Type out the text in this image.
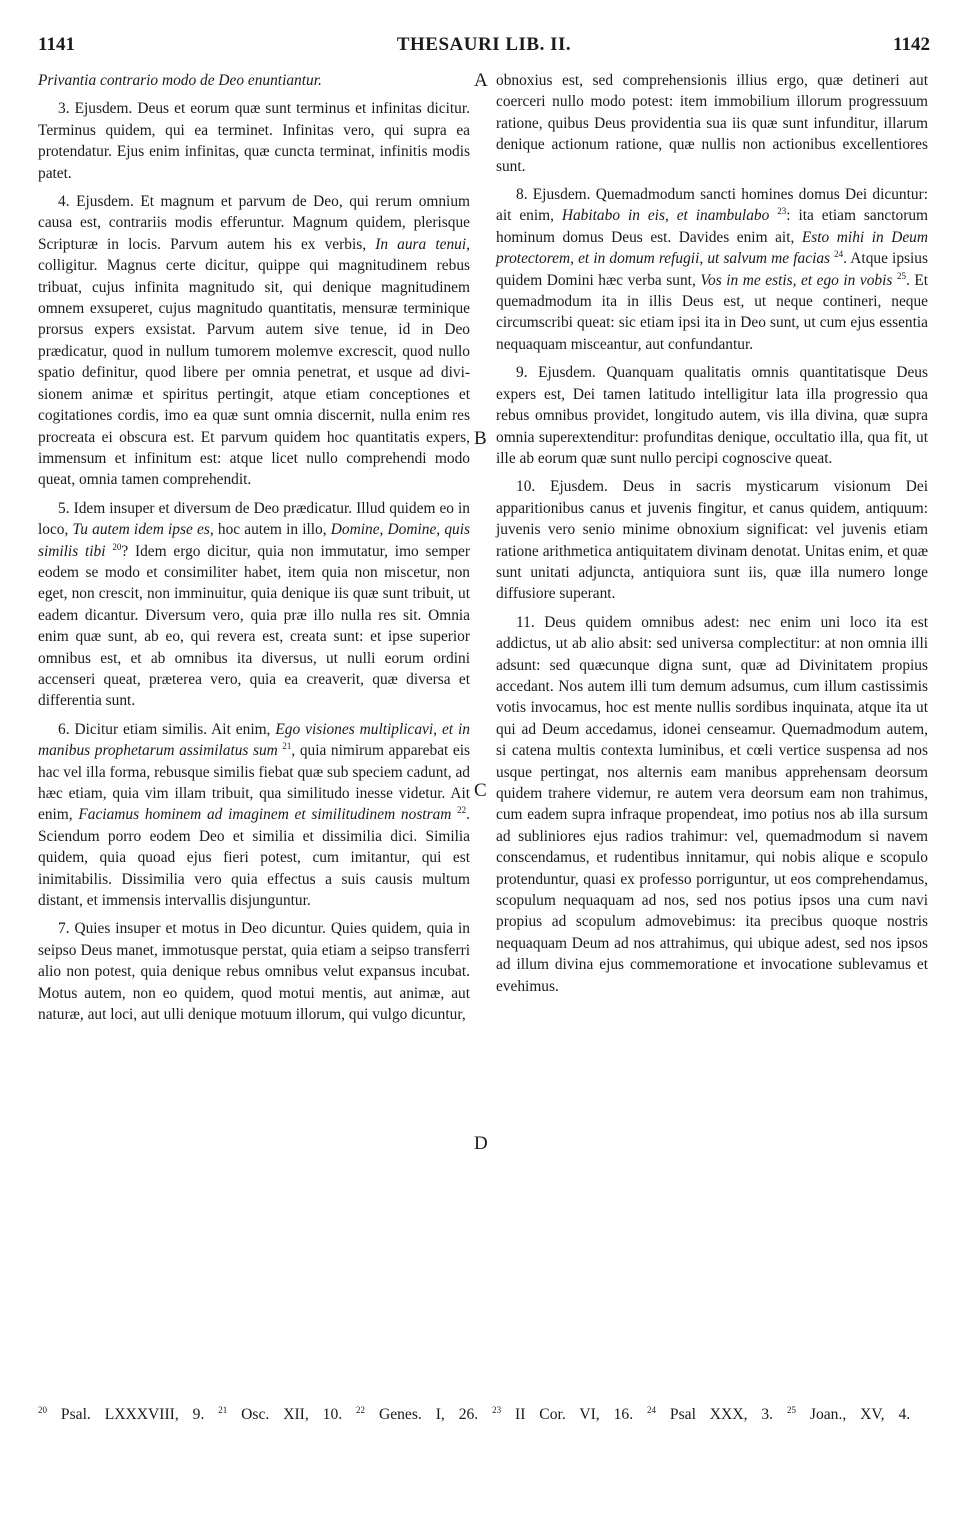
1141	THESAURI LIB. II.	1142

Privantia contrario modo de Deo enuntiantur.

3. Ejusdem. Deus et eorum quæ sunt terminus et infinitas dicitur. Terminus quidem, qui ea terminet. Infinitas vero, qui supra ea protendatur. Ejus enim infinitas, quæ cuncta terminat, infinitis modis patet.

4. Ejusdem. Et magnum et parvum de Deo, qui rerum omnium causa est, contrariis modis efferuntur. Magnum quidem, plerisque Scripturæ in locis. Parvum autem his ex verbis, In aura tenui, colligitur. Magnus certe dicitur, quippe qui magnitudinem rebus tribuat, cujus infinita magnitudo sit, qui denique magnitudinem omnem exsuperet, cujus magnitudo quantitatis, mensuræ terminique prorsus expers exsistat. Parvum autem sive tenue, id in Deo prædicatur, quod in nullum tumorem molemve excrescit, quod nullo spatio definitur, quod libere per omnia penetrat, et usque ad divisionem animæ et spiritus pertingit, atque etiam conceptiones et cogitationes cordis, imo ea quæ sunt omnia discernit, nulla enim res procreata ei obscura est. Et parvum quidem hoc quantitatis expers, immensum et infinitum est: atque licet nullo comprehendi modo queat, omnia tamen comprehendit.

5. Idem insuper et diversum de Deo prædicatur. Illud quidem eo in loco, Tu autem idem ipse es, hoc autem in illo, Domine, Domine, quis similis tibi $^{20}$? Idem ergo dicitur, quia non immutatur, imo semper eodem se modo et consimiliter habet, item quia non miscetur, non eget, non crescit, non imminuitur, quia denique iis quæ sunt tribuit, ut eadem dicantur. Diversum vero, quia præ illo nulla res sit. Omnia enim quæ sunt, ab eo, qui revera est, creata sunt: et ipse superior omnibus est, et ab omnibus ita diversus, ut nulli eorum ordini accenseri queat, præterea vero, quia ea creaverit, quæ diversa et differentia sunt.

6. Dicitur etiam similis. Ait enim, Ego visiones multiplicavi, et in manibus prophetarum assimilatus sum $^{21}$, quia nimirum apparebat eis hac vel illa forma, rebusque similis fiebat quæ sub speciem cadunt, ad hæc etiam, quia vim illam tribuit, qua similitudo inesse videtur. Ait enim, Faciamus hominem ad imaginem et similitudinem nostram $^{22}$. Sciendum porro eodem Deo et similia et dissimilia dici. Similia quidem, quia quoad ejus fieri potest, cum imitantur, qui est inimitabilis. Dissimilia vero quia effectus a suis causis multum distant, et immensis intervallis disjunguntur.

7. Quies insuper et motus in Deo dicuntur. Quies quidem, quia in seipso Deus manet, immotusque perstat, quia etiam a seipso transferri alio non potest, quia denique rebus omnibus velut expansus incubat. Motus autem, non eo quidem, quod motui mentis, aut animæ, aut naturæ, aut loci, aut ulli denique motuum illorum, qui vulgo dicuntur,

obnoxius est, sed comprehensionis illius ergo, quæ detineri aut coerceri nullo modo potest: item immobilium illorum progressuum ratione, quibus Deus providentia sua iis quæ sunt infunditur, illarum denique actionum ratione, quæ nullis non actionibus excellentiores sunt.

8. Ejusdem. Quemadmodum sancti homines domus Dei dicuntur: ait enim, Habitabo in eis, et inambulabo $^{23}$: ita etiam sanctorum hominum domus Deus est. Davides enim ait, Esto mihi in Deum protectorem, et in domum refugii, ut salvum me facias $^{24}$. Atque ipsius quidem Domini hæc verba sunt, Vos in me estis, et ego in vobis $^{25}$. Et quemadmodum ita in illis Deus est, ut neque contineri, neque circumscribi queat: sic etiam ipsi ita in Deo sunt, ut cum ejus essentia nequaquam misceantur, aut confundantur.

9. Ejusdem. Quanquam qualitatis omnis quantitatisque Deus expers est, Dei tamen latitudo intelligitur lata illa progressio qua rebus omnibus providet, longitudo autem, vis illa divina, quæ supra omnia superextenditur: profunditas denique, occultatio illa, qua fit, ut ille ab eorum quæ sunt nullo percipi cognoscive queat.

10. Ejusdem. Deus in sacris mysticarum visionum Dei apparitionibus canus et juvenis fingitur, et canus quidem, antiquum: juvenis vero senio minime obnoxium significat: vel juvenis etiam ratione arithmetica antiquitatem divinam denotat. Unitas enim, et quæ sunt unitati adjuncta, antiquiora sunt iis, quæ illa numero longe diffusiore superant.

11. Deus quidem omnibus adest: nec enim uni loco ita est addictus, ut ab alio absit: sed universa complectitur: at non omnia illi adsunt: sed quæcunque digna sunt, quæ ad Divinitatem propius accedant. Nos autem illi tum demum adsumus, cum illum castissimis votis invocamus, hoc est mente nullis sordibus inquinata, atque ita ut qui ad Deum accedamus, idonei censeamur. Quemadmodum autem, si catena multis contexta luminibus, et cœli vertice suspensa ad nos usque pertingat, nos alternis eam manibus apprehensam deorsum quidem trahere videmur, re autem vera deorsum eam non trahimus, cum eadem supra infraque propendeat, imo potius nos ab illa sursum ad subliniores ejus radios trahimur: vel, quemadmodum si navem conscendamus, et rudentibus innitamur, qui nobis alique e scopulo protenduntur, quasi ex professo porriguntur, ut eos comprehendamus, scopulum nequaquam ad nos, sed nos potius ipsos una cum navi propius ad scopulum admovebimus: ita precibus quoque nostris nequaquam Deum ad nos attrahimus, qui ubique adest, sed nos ipsos ad illum divina ejus commemoratione et invocatione sublevamus et evehimus.

A
B
C
D
$^{20}$ Psal. LXXXVIII, 9. $^{21}$ Osc. XII, 10. $^{22}$ Genes. I, 26. $^{23}$ II Cor. VI, 16. $^{24}$ Psal XXX, 3. $^{25}$ Joan., XV, 4.
